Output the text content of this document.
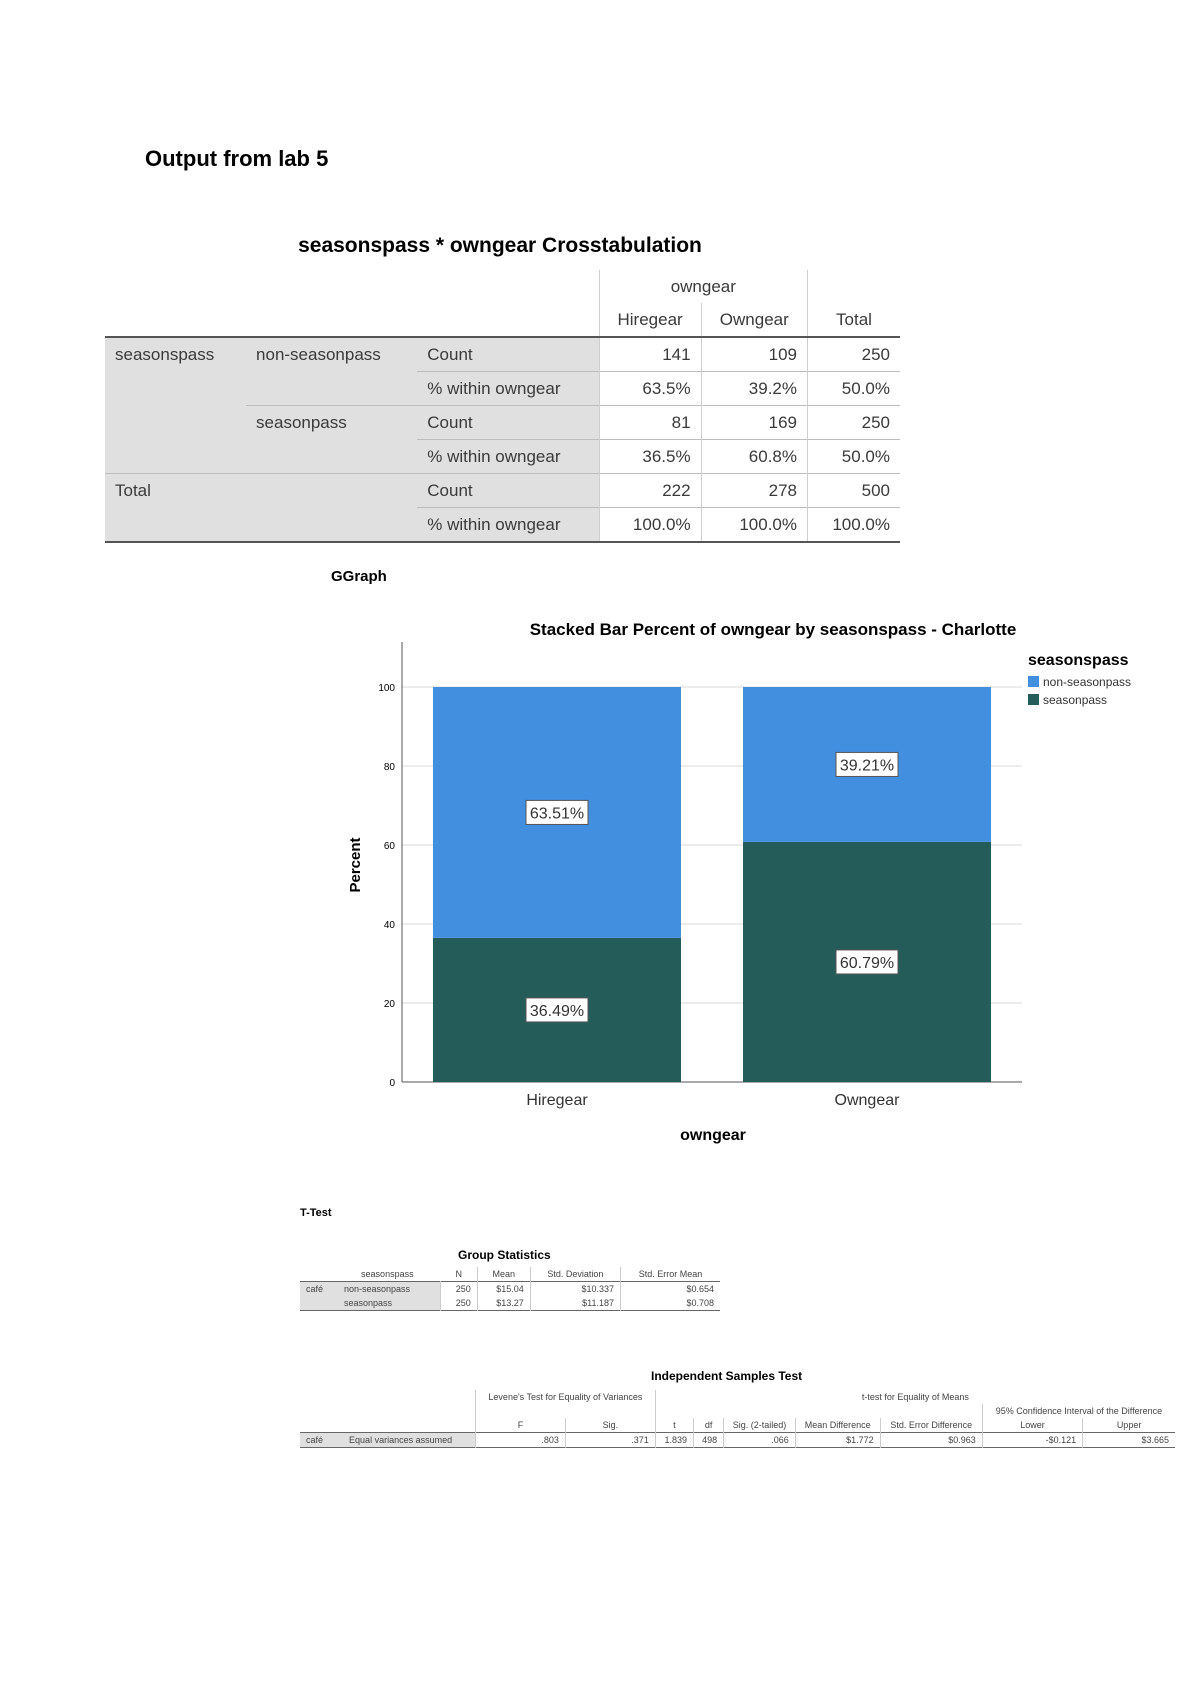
Output from lab 5
seasonspass * owngear Crosstabulation
			owngear		
			Hiregear	Owngear	Total
seasonspass	non-seasonpass	Count	141	109	250
		% within owngear	63.5%	39.2%	50.0%
	seasonpass	Count	81	169	250
		% within owngear	36.5%	60.8%	50.0%
Total		Count	222	278	500
		% within owngear	100.0%	100.0%	100.0%
GGraph
Stacked Bar Percent of owngear by seasonspass - Charlotte
Percent
owngear
seasonspass
0
20
40
60
80
100
36.49%
63.51%
Hiregear
60.79%
39.21%
Owngear
non-seasonpass
seasonpass
T-Test
Group Statistics
seasonspass		N	Mean	Std. Deviation	Std. Error Mean
café	non-seasonpass	250	$15.04	$10.337	$0.654
	seasonpass	250	$13.27	$11.187	$0.708
Independent Samples Test
		Levene's Test for Equality of Variances		t-test for Equality of Means						
									95% Confidence Interval of the Difference	
		F	Sig.	t	df	Sig. (2-tailed)	Mean Difference	Std. Error Difference	Lower	Upper
café	Equal variances assumed	.803	.371	1.839	498	.066	$1.772	$0.963	-$0.121	$3.665
